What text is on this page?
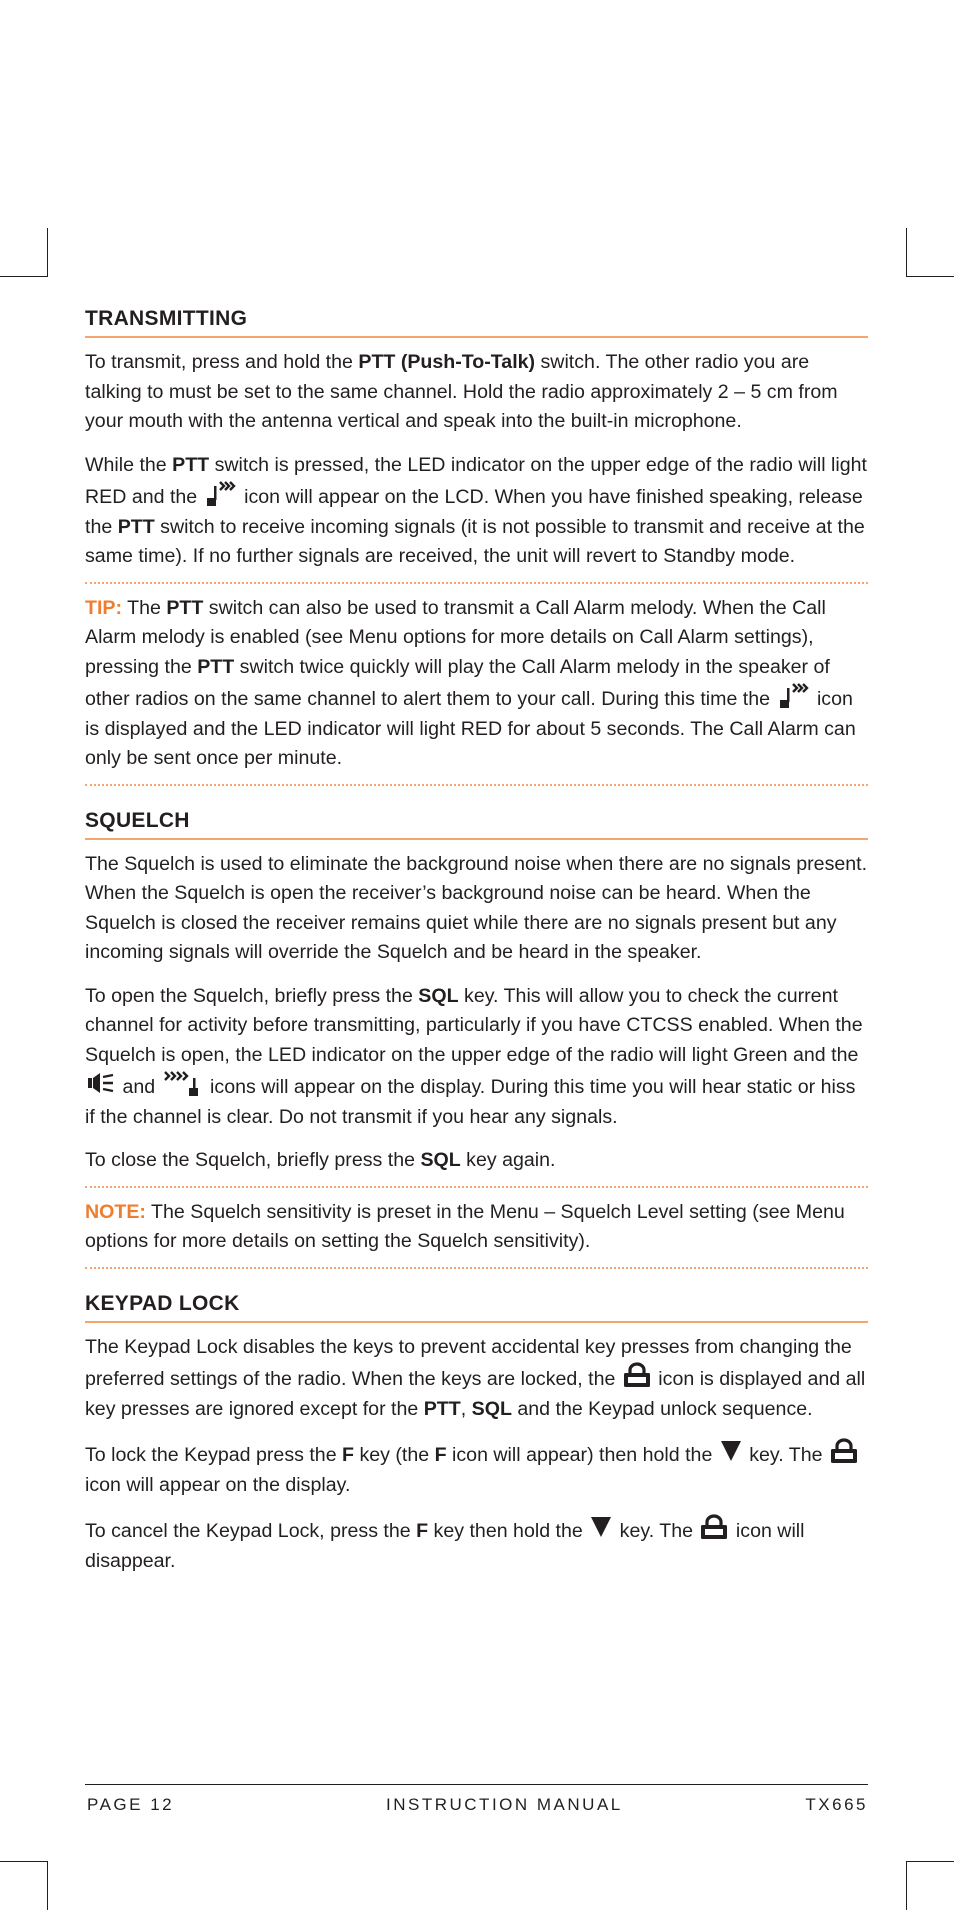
TRANSMITTING

To transmit, press and hold the PTT (Push-To-Talk) switch. The other radio you are talking to must be set to the same channel. Hold the radio approximately 2 – 5 cm from your mouth with the antenna vertical and speak into the built-in microphone.

While the PTT switch is pressed, the LED indicator on the upper edge of the radio will light RED and the
icon will appear on the LCD. When you have finished speaking, release the PTT switch to receive incoming signals (it is not possible to transmit and receive at the same time). If no further signals are received, the unit will revert to Standby mode.

TIP: The PTT switch can also be used to transmit a Call Alarm melody. When the Call Alarm melody is enabled (see Menu options for more details on Call Alarm settings), pressing the PTT switch twice quickly will play the Call Alarm melody in the speaker of other radios on the same channel to alert them to your call. During this time the
icon is displayed and the LED indicator will light RED for about 5 seconds. The Call Alarm can only be sent once per minute.

SQUELCH

The Squelch is used to eliminate the background noise when there are no signals present. When the Squelch is open the receiver’s background noise can be heard. When the Squelch is closed the receiver remains quiet while there are no signals present but any incoming signals will override the Squelch and be heard in the speaker.

To open the Squelch, briefly press the SQL key. This will allow you to check the current channel for activity before transmitting, particularly if you have CTCSS enabled. When the Squelch is open, the LED indicator on the upper edge of the radio will light Green and the
and
icons will appear on the display. During this time you will hear static or hiss if the channel is clear. Do not transmit if you hear any signals.

To close the Squelch, briefly press the SQL key again.

NOTE: The Squelch sensitivity is preset in the Menu – Squelch Level setting (see Menu options for more details on setting the Squelch sensitivity).

KEYPAD LOCK

The Keypad Lock disables the keys to prevent accidental key presses from changing the preferred settings of the radio. When the keys are locked, the
icon is displayed and all key presses are ignored except for the PTT, SQL and the Keypad unlock sequence.

To lock the Keypad press the F key (the F icon will appear) then hold the
key. The
icon will appear on the display.

To cancel the Keypad Lock, press the F key then hold the
key. The
icon will disappear.

PAGE 12	INSTRUCTION MANUAL	TX665
